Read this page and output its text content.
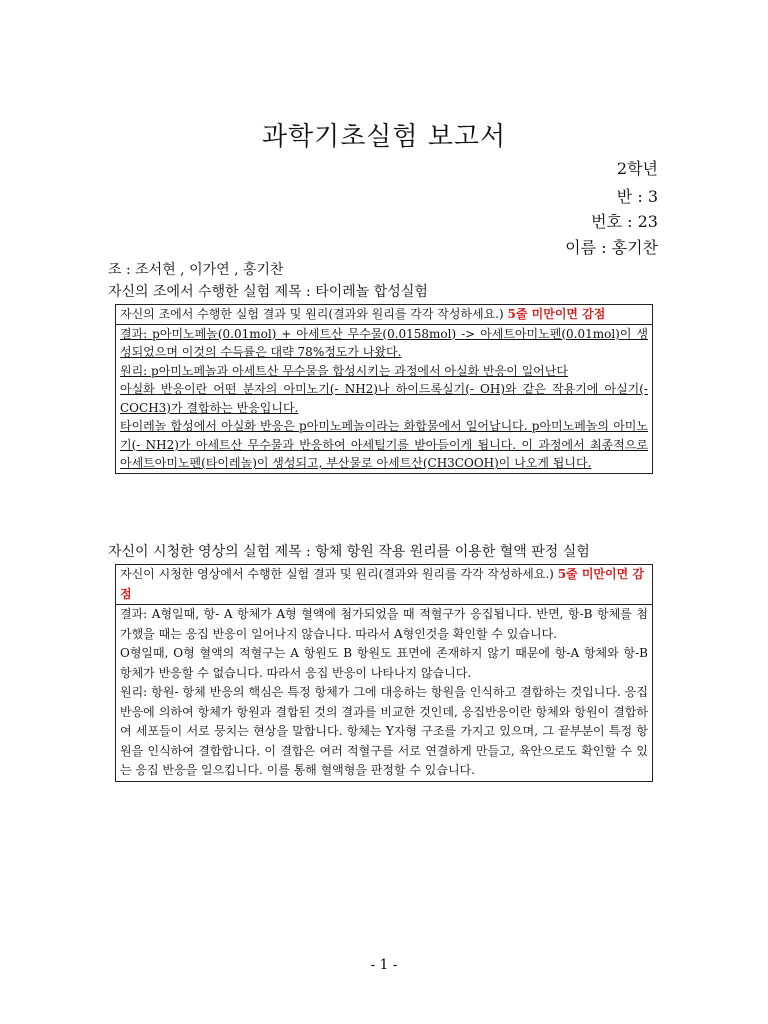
과학기초실험 보고서
2학년
반 : 3
번호 : 23
이름 : 홍기찬
조 : 조서현 , 이가연 , 홍기찬
자신의 조에서 수행한 실험 제목 : 타이레놀 합성실험
자신의 조에서 수행한 실험 결과 및 원리(결과와 원리를 각각 작성하세요.) 5줄 미만이면 감점

결과: p아미노페놀(0.01mol) + 아세트산 무수물(0.0158mol) -> 아세트아미노펜(0.01mol)이 생성되었으며 이것의 수득률은 대략 78%정도가 나왔다.

원리: p아미노페놀과 아세트산 무수물을 합성시키는 과정에서 아실화 반응이 일어난다

아실화 반응이란 어떤 분자의 아미노기(- NH2)나 하이드록실기(- OH)와 같은 작용기에 아실기(- COCH3)가 결합하는 반응입니다.

타이레놀 합성에서 아실화 반응은 p아미노페놀이라는 화합물에서 일어납니다. p아미노페놀의 아미노기(- NH2)가 아세트산 무수물과 반응하여 아세틸기를 받아들이게 됩니다. 이 과정에서 최종적으로 아세트아미노펜(타이레놀)이 생성되고, 부산물로 아세트산(CH3COOH)이 나오게 됩니다.

자신이 시청한 영상의 실험 제목 : 항체 항원 작용 원리를 이용한 혈액 판정 실험
자신이 시청한 영상에서 수행한 실험 결과 및 원리(결과와 원리를 각각 작성하세요.) 5줄 미만이면 감점

결과: A형일때, 항- A 항체가 A형 혈액에 첨가되었을 때 적혈구가 응집됩니다. 반면, 항-B 항체를 첨가했을 때는 응집 반응이 일어나지 않습니다. 따라서 A형인것을 확인할 수 있습니다.

O형일때, O형 혈액의 적혈구는 A 항원도 B 항원도 표면에 존재하지 않기 때문에 항-A 항체와 항-B 항체가 반응할 수 없습니다. 따라서 응집 반응이 나타나지 않습니다.

원리: 항원- 항체 반응의 핵심은 특정 항체가 그에 대응하는 항원을 인식하고 결합하는 것입니다. 응집반응에 의하여 항체가 항원과 결합된 것의 결과를 비교한 것인데, 응집반응이란 항체와 항원이 결합하여 세포들이 서로 뭉치는 현상을 말합니다. 항체는 Y자형 구조를 가지고 있으며, 그 끝부분이 특정 항원을 인식하여 결합합니다. 이 결합은 여러 적혈구를 서로 연결하게 만들고, 육안으로도 확인할 수 있는 응집 반응을 일으킵니다. 이를 통해 혈액형을 판정할 수 있습니다.

- 1 -
